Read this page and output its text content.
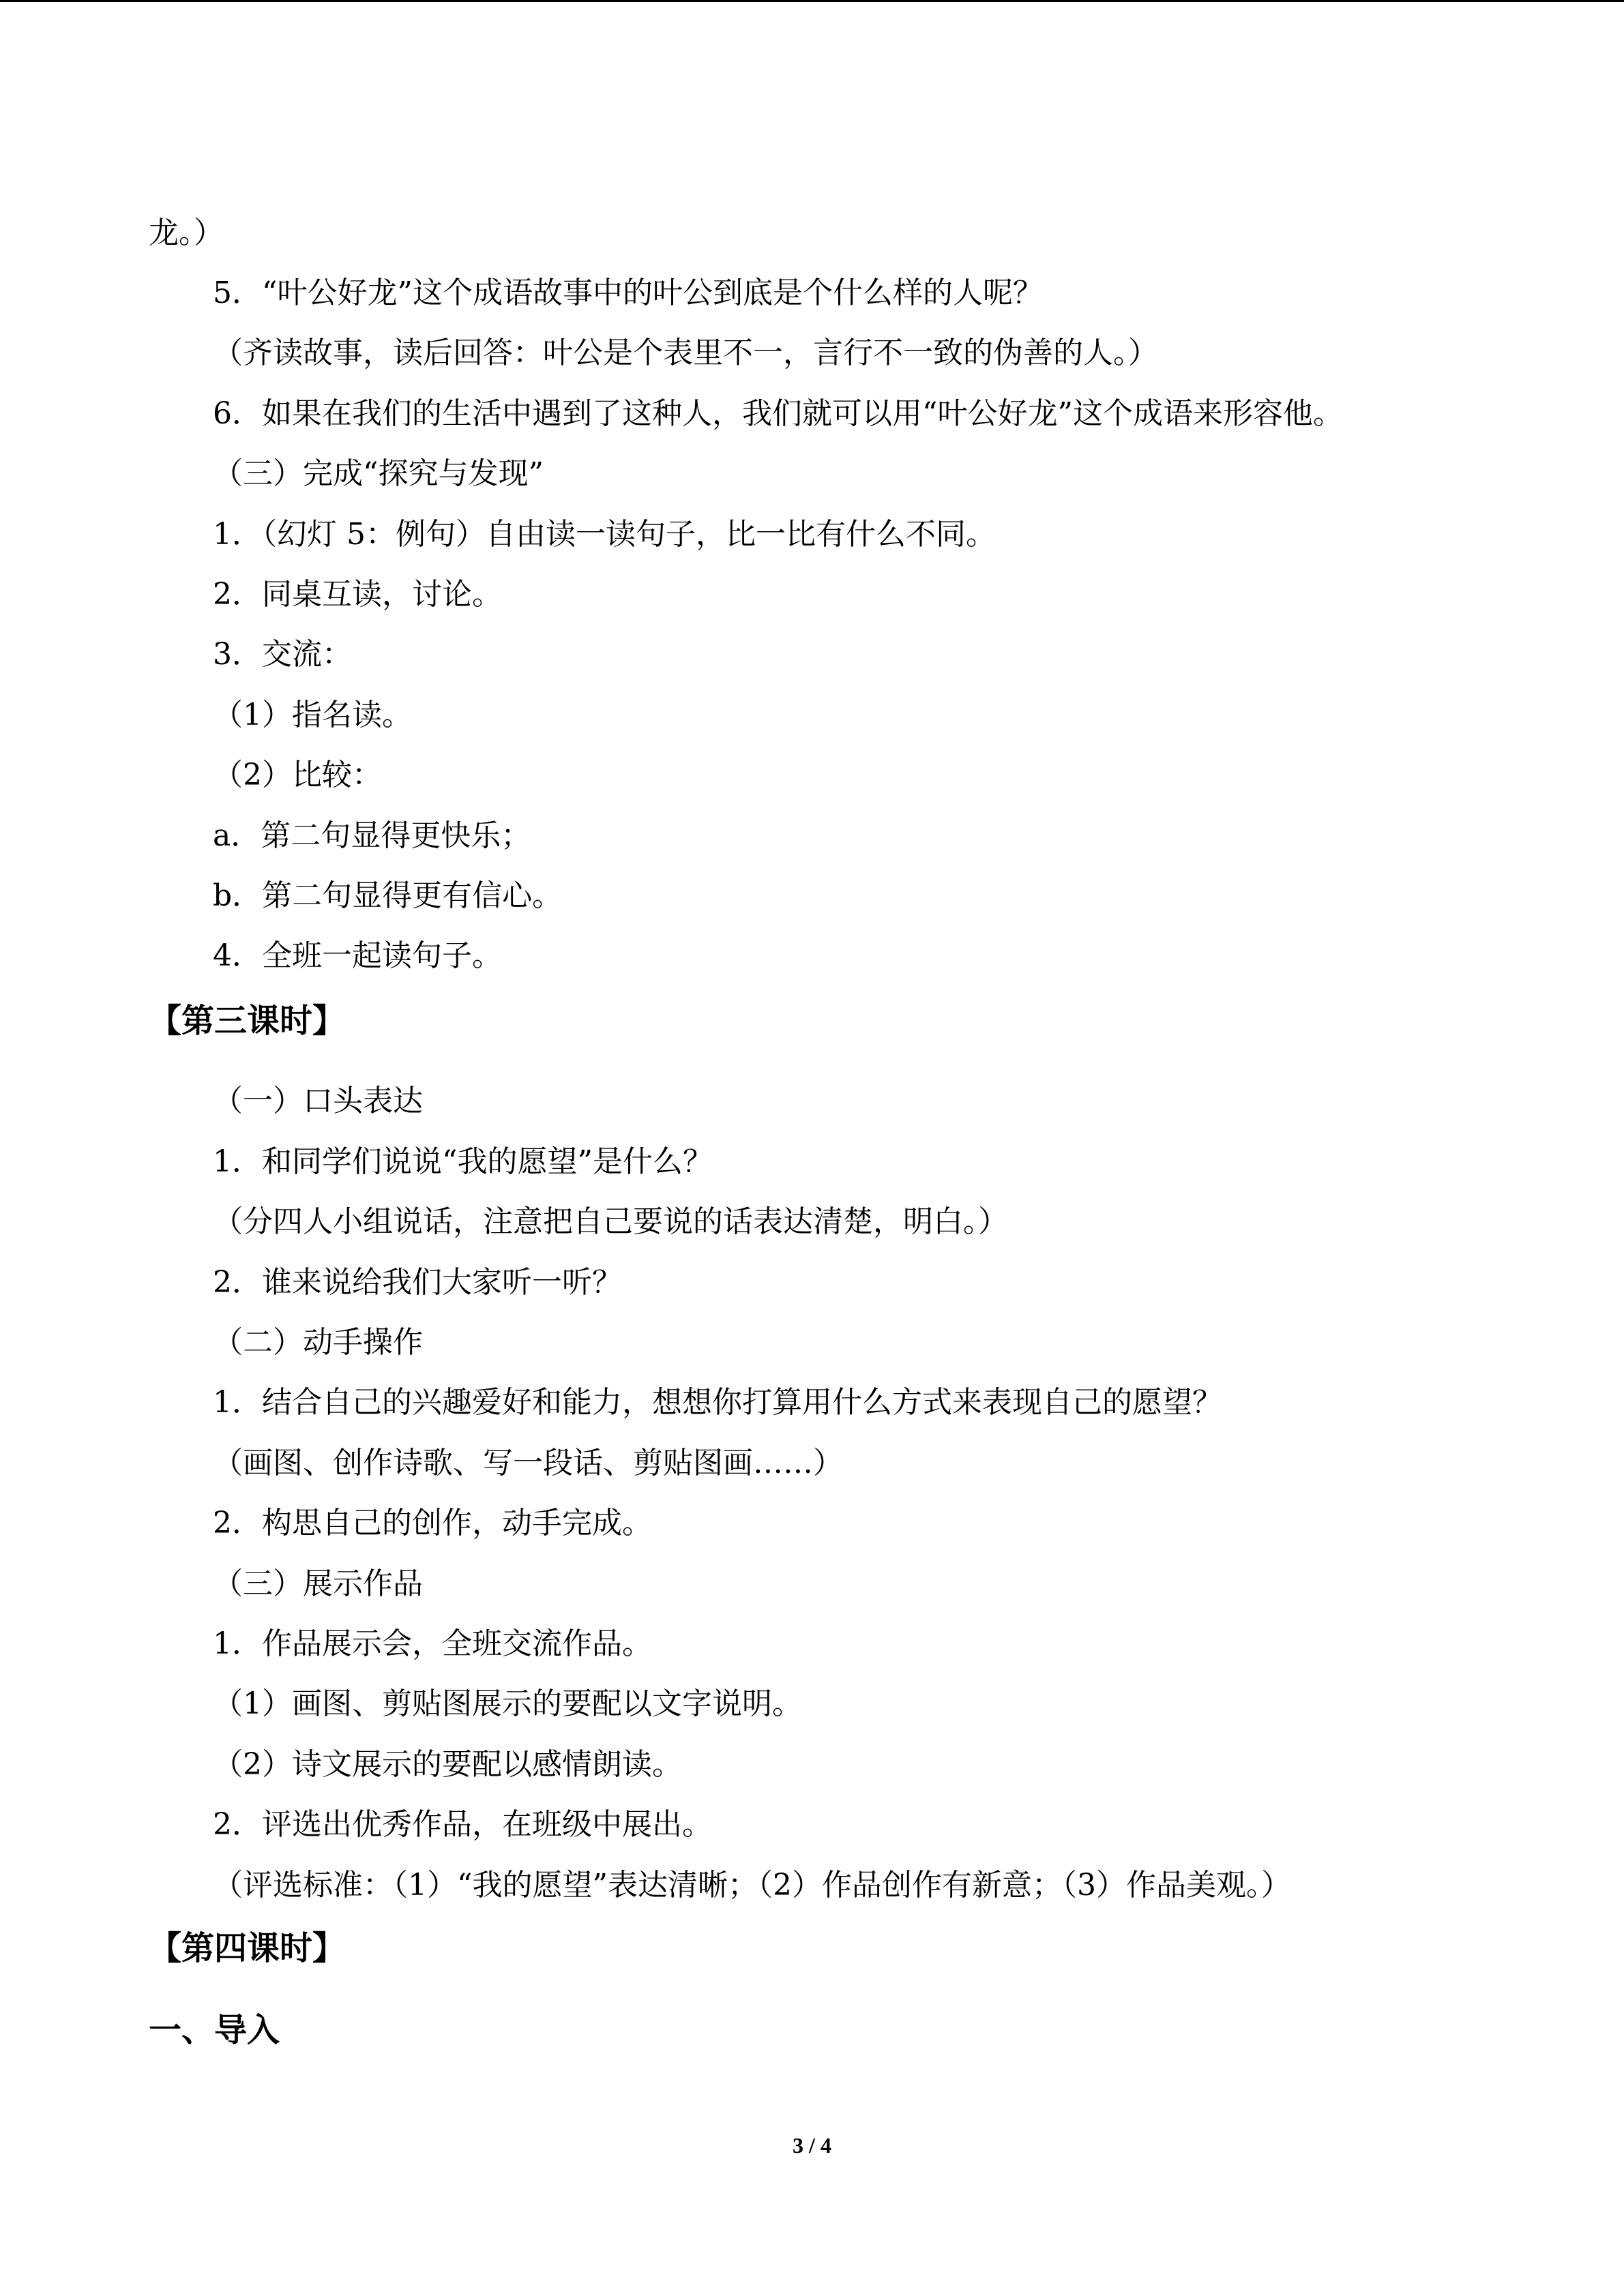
龙。）
5．“叶公好龙”这个成语故事中的叶公到底是个什么样的人呢？
（齐读故事，读后回答：叶公是个表里不一，言行不一致的伪善的人。）
6．如果在我们的生活中遇到了这种人，我们就可以用“叶公好龙”这个成语来形容他。
（三）完成“探究与发现”
1．（幻灯 5：例句）自由读一读句子，比一比有什么不同。
2．同桌互读，讨论。
3．交流：
（1）指名读。
（2）比较：
a．第二句显得更快乐；
b．第二句显得更有信心。
4．全班一起读句子。
【第三课时】
（一）口头表达
1．和同学们说说“我的愿望”是什么？
（分四人小组说话，注意把自己要说的话表达清楚，明白。）
2．谁来说给我们大家听一听？
（二）动手操作
1．结合自己的兴趣爱好和能力，想想你打算用什么方式来表现自己的愿望？
（画图、创作诗歌、写一段话、剪贴图画……）
2．构思自己的创作，动手完成。
（三）展示作品
1．作品展示会，全班交流作品。
（1）画图、剪贴图展示的要配以文字说明。
（2）诗文展示的要配以感情朗读。
2．评选出优秀作品，在班级中展出。
（评选标准：（1）“我的愿望”表达清晰；（2）作品创作有新意；（3）作品美观。）
【第四课时】
一、导入
3 / 4
